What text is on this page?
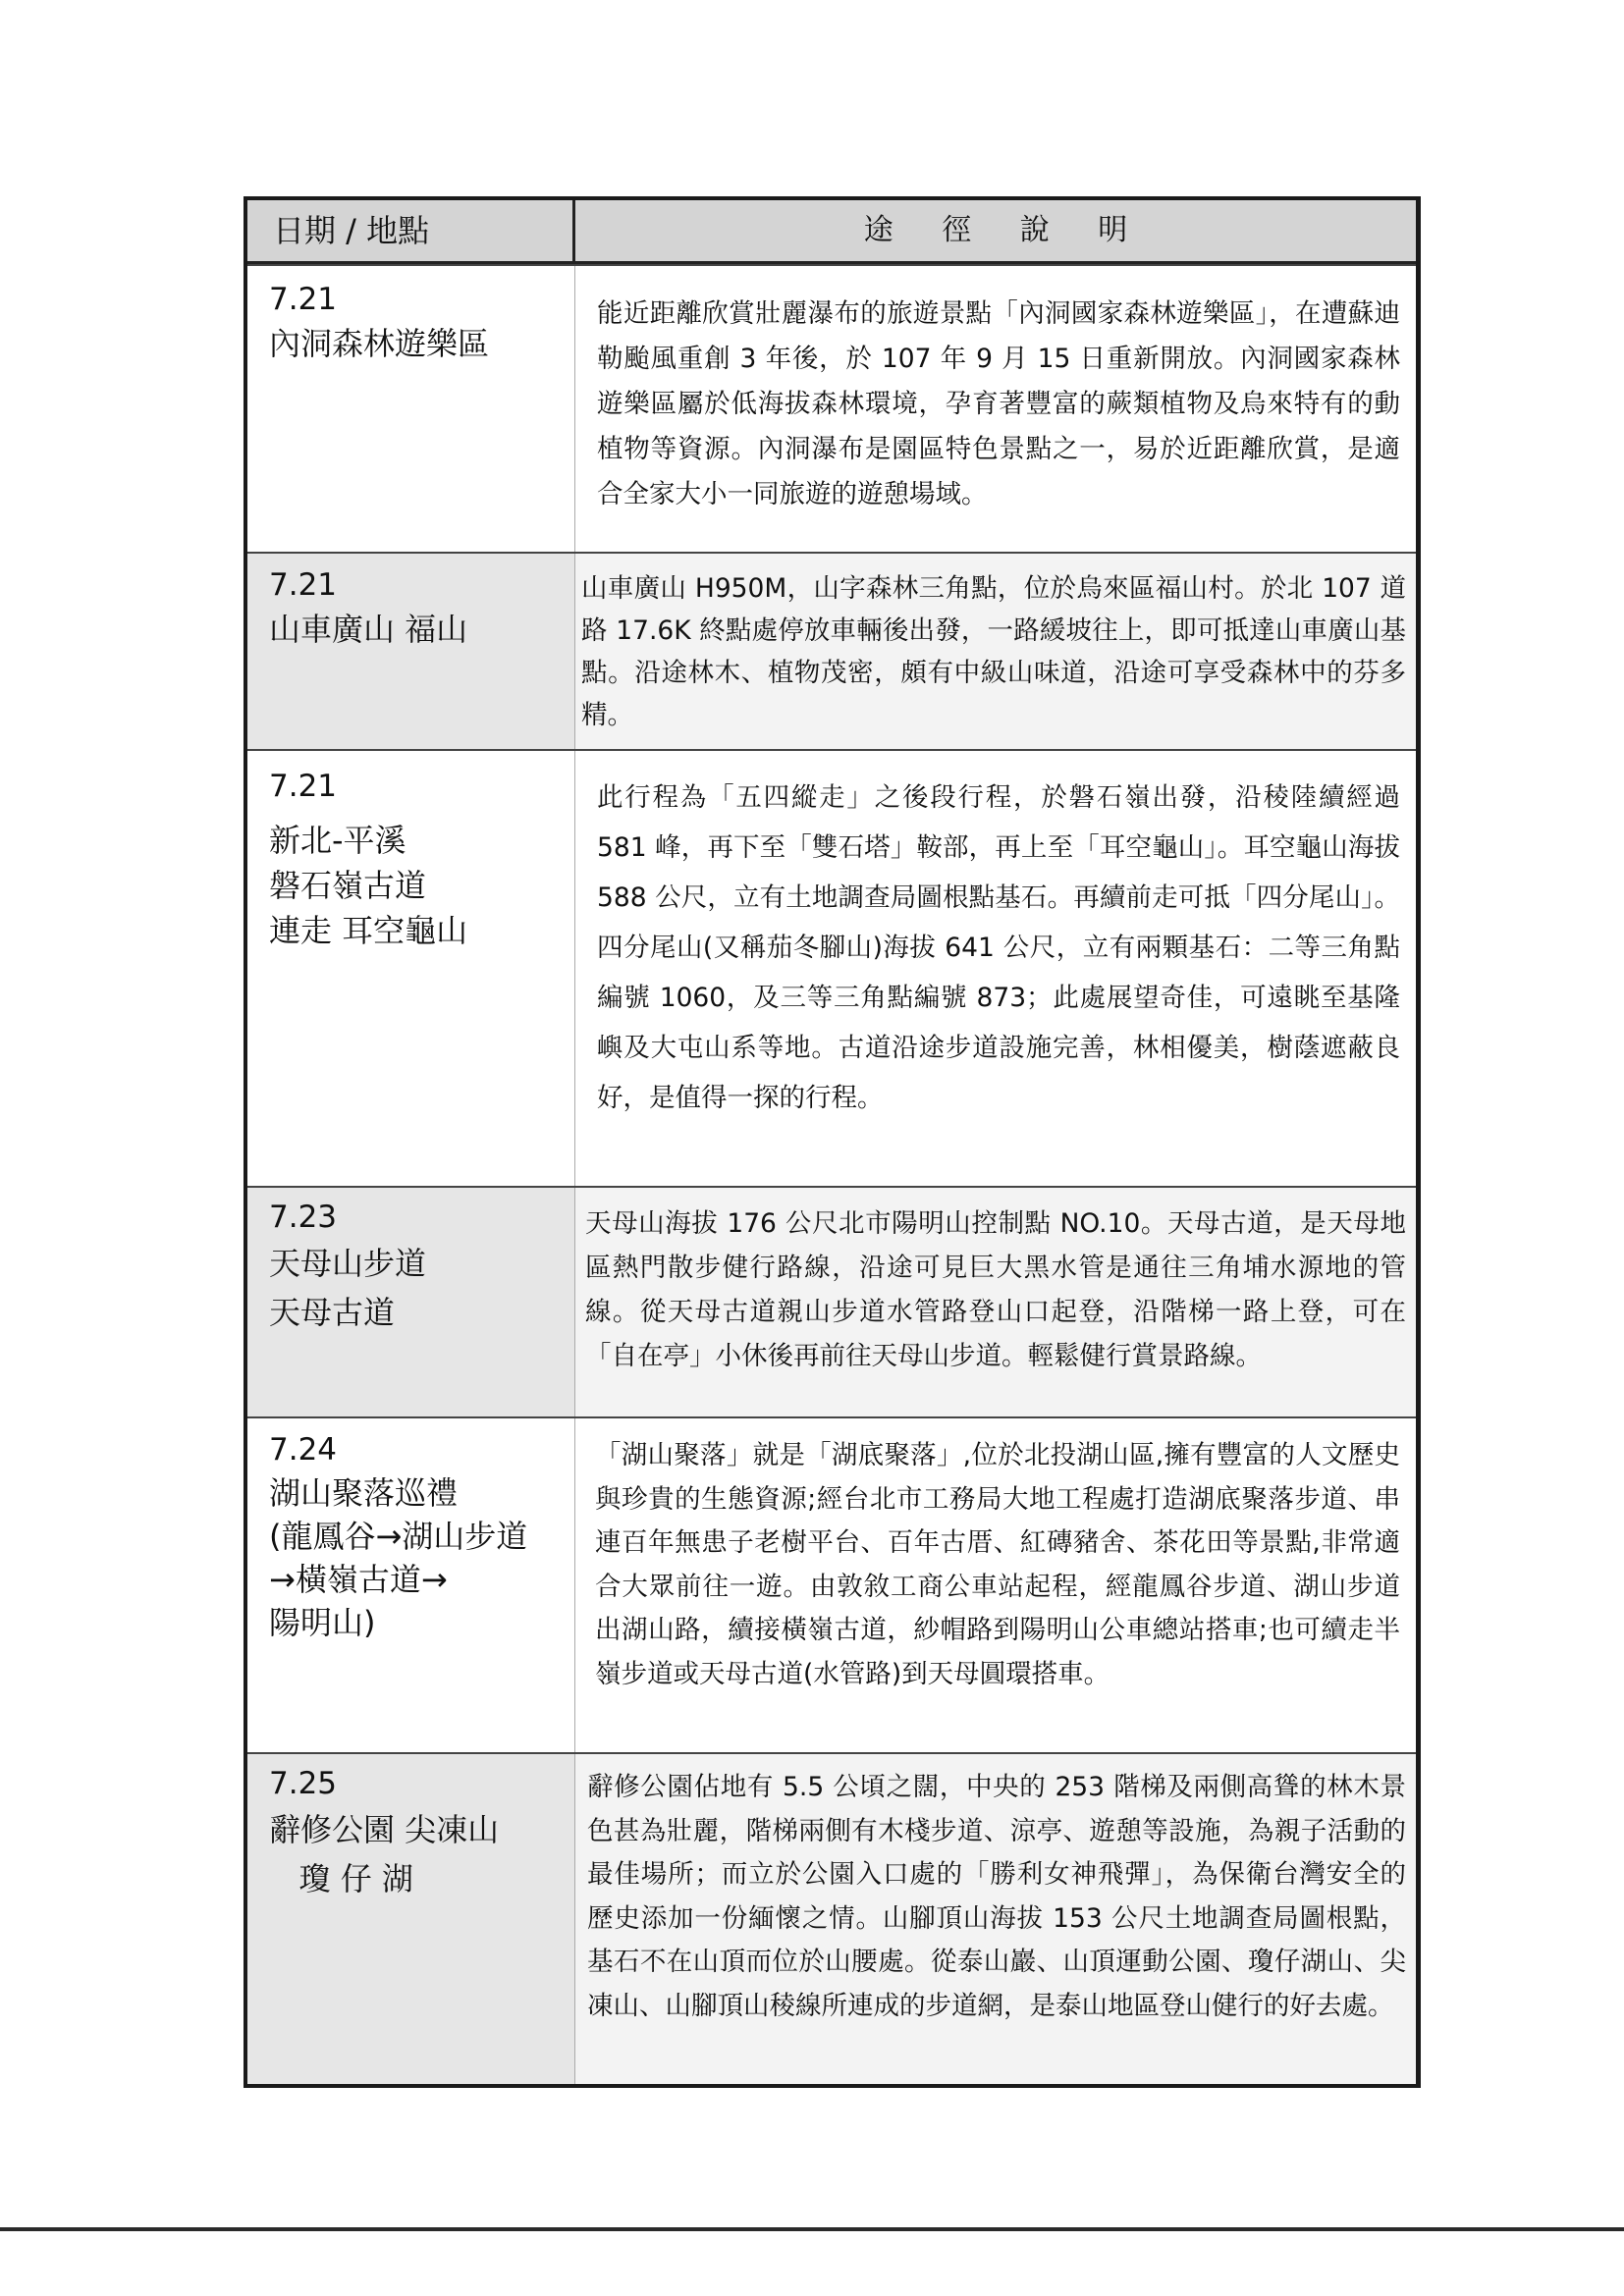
日期 / 地點	途 徑 說 明
7.21
內洞森林遊樂區
能近距離欣賞壯麗瀑布的旅遊景點「內洞國家森林遊樂區」，在遭蘇迪勒颱風重創 3 年後，於 107 年 9 月 15 日重新開放。內洞國家森林遊樂區屬於低海拔森林環境，孕育著豐富的蕨類植物及烏來特有的動植物等資源。內洞瀑布是園區特色景點之一，易於近距離欣賞，是適合全家大小一同旅遊的遊憩場域。
7.21
山車廣山 福山
山車廣山 H950M，山字森林三角點，位於烏來區福山村。於北 107 道路 17.6K 終點處停放車輛後出發，一路緩坡往上，即可抵達山車廣山基點。沿途林木、植物茂密，頗有中級山味道，沿途可享受森林中的芬多精。
7.21
新北-平溪
磐石嶺古道
連走 耳空龜山
此行程為「五四縱走」之後段行程，於磐石嶺出發，沿稜陸續經過 581 峰，再下至「雙石塔」鞍部，再上至「耳空龜山」。耳空龜山海拔 588 公尺，立有土地調查局圖根點基石。再續前走可抵「四分尾山」。四分尾山(又稱茄冬腳山)海拔 641 公尺，立有兩顆基石：二等三角點編號 1060，及三等三角點編號 873；此處展望奇佳，可遠眺至基隆嶼及大屯山系等地。古道沿途步道設施完善，林相優美，樹蔭遮蔽良好，是值得一探的行程。
7.23
天母山步道
天母古道
天母山海拔 176 公尺北市陽明山控制點 NO.10。天母古道，是天母地區熱門散步健行路線，沿途可見巨大黑水管是通往三角埔水源地的管線。從天母古道親山步道水管路登山口起登，沿階梯一路上登，可在「自在亭」小休後再前往天母山步道。輕鬆健行賞景路線。
7.24
湖山聚落巡禮
(龍鳳谷→湖山步道
→橫嶺古道→
陽明山)
「湖山聚落」就是「湖底聚落」,位於北投湖山區,擁有豐富的人文歷史與珍貴的生態資源;經台北市工務局大地工程處打造湖底聚落步道、串連百年無患子老樹平台、百年古厝、紅磚豬舍、茶花田等景點,非常適合大眾前往一遊。由敦敘工商公車站起程，經龍鳳谷步道、湖山步道出湖山路，續接橫嶺古道，紗帽路到陽明山公車總站搭車;也可續走半嶺步道或天母古道(水管路)到天母圓環搭車。
7.25
辭修公園 尖凍山
瓊 仔 湖
辭修公園佔地有 5.5 公頃之闊，中央的 253 階梯及兩側高聳的林木景色甚為壯麗，階梯兩側有木棧步道、涼亭、遊憩等設施，為親子活動的最佳場所；而立於公園入口處的「勝利女神飛彈」，為保衛台灣安全的歷史添加一份緬懷之情。山腳頂山海拔 153 公尺土地調查局圖根點，基石不在山頂而位於山腰處。從泰山巖、山頂運動公園、瓊仔湖山、尖凍山、山腳頂山稜線所連成的步道網，是泰山地區登山健行的好去處。
